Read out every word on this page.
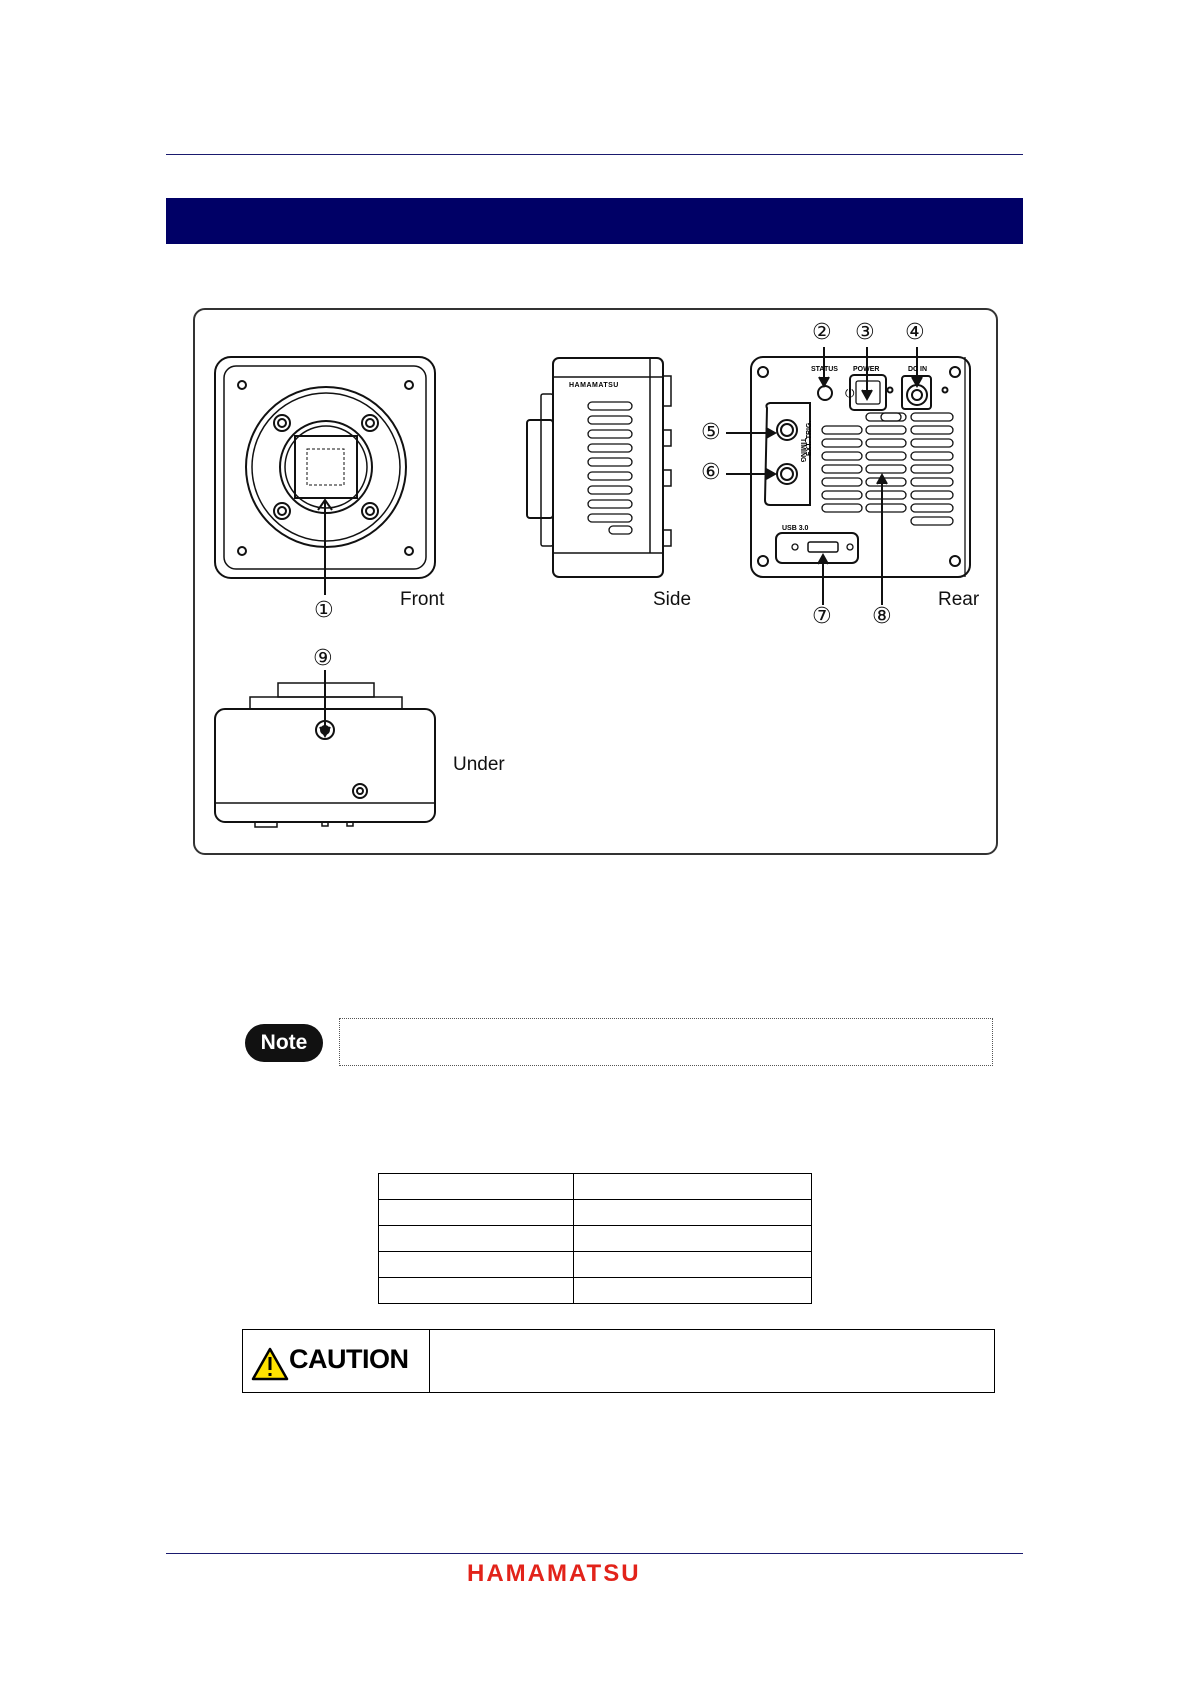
Front	Side	Rear
Under
①
② ③ ④
⑤
⑥
⑦ ⑧
⑨
STATUS POWER	DC IN
⏻
USB 3.0
TIMING EXT. TRIG.
HAMAMATSU
Note

CAUTION
HAMAMATSU
